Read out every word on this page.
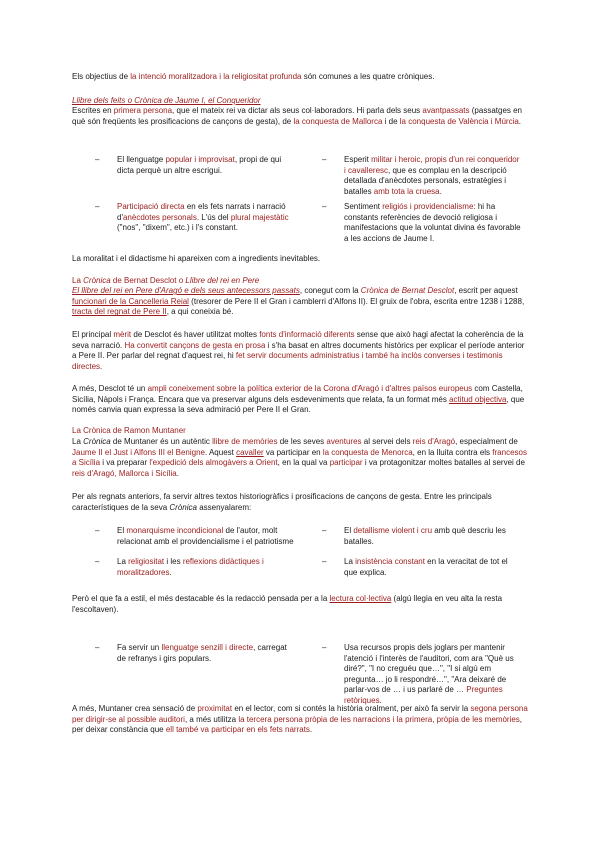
Els objectius de la intenció moralitzadora i la religiositat profunda són comunes a les quatre cròniques.

Llibre dels feits o Crònica de Jaume I, el Conqueridor

Escrites en primera persona, que el mateix rei va dictar als seus col·laboradors. Hi parla dels seus avantpassats (passatges en què són freqüents les prosificacions de cançons de gesta), de la conquesta de Mallorca i de la conquesta de València i Múrcia.

– El llenguatge popular i improvisat, propi de qui dicta perquè un altre escrigui.
– Esperit militar i heroic, propis d'un rei conqueridor i cavalleresc, que es complau en la descripció detallada d'anècdotes personals, estratègies i batalles amb tota la cruesa.
– Participació directa en els fets narrats i narració d'anècdotes personals. L'ús del plural majestàtic ("nos", "dixem", etc.) i l's constant.
– Sentiment religiós i providencialisme: hi ha constants referències de devoció religiosa i manifestacions que la voluntat divina és favorable a les accions de Jaume I.

La moralitat i el didactisme hi apareixen com a ingredients inevitables.

La Crònica de Bernat Desclot o Llibre del rei en Pere

El llibre del rei en Pere d'Aragó e dels seus antecessors passats, conegut com la Crònica de Bernat Desclot, escrit per aquest funcionari de la Cancelleria Reial (tresorer de Pere II el Gran i camblerri d'Alfons II). El gruix de l'obra, escrita entre 1238 i 1288, tracta del regnat de Pere II, a qui coneixia bé.

El principal mèrit de Desclot és haver utilitzat moltes fonts d'informació diferents sense que això hagi afectat la coherència de la seva narració. Ha convertit cançons de gesta en prosa i s'ha basat en altres documents històrics per explicar el període anterior a Pere II. Per parlar del regnat d'aquest rei, hi fet servir documents administratius i també ha inclòs converses i testimonis directes.

A més, Desclot té un ampli coneixement sobre la política exterior de la Corona d'Aragó i d'altres països europeus com Castella, Sicília, Nàpols i França. Encara que va preservar alguns dels esdeveniments que relata, fa un format més actitud objectiva, que només canvia quan expressa la seva admiració per Pere II el Gran.

La Crònica de Ramon Muntaner

La Crònica de Muntaner és un autèntic llibre de memòries de les seves aventures al servei dels reis d'Aragó, especialment de Jaume II el Just i Alfons III el Benigne. Aquest cavaller va participar en la conquesta de Menorca, en la lluita contra els francesos a Sicília i va preparar l'expedició dels almogàvers a Orient, en la qual va participar i va protagonitzar moltes batalles al servei de reis d'Aragó, Mallorca i Sicília.

Per als regnats anteriors, fa servir altres textos historiogràfics i prosificacions de cançons de gesta. Entre les principals característiques de la seva Crònica assenyalarem:

– El monarquisme incondicional de l'autor, molt relacionat amb el providencialisme i el patriotisme
– El detallisme violent i cru amb què descriu les batalles.
– La religiositat i les reflexions didàctiques i moralitzadores.
– La insistència constant en la veracitat de tot el que explica.

Però el que fa a estil, el més destacable és la redacció pensada per a la lectura col·lectiva (algú llegia en veu alta la resta l'escoltaven).

– Fa servir un llenguatge senzill i directe, carregat de refranys i girs populars.
– Usa recursos propis dels joglars per mantenir l'atenció i l'interès de l'auditori, com ara "Què us diré?", "I no creguéu que…", "I si algú em pregunta… jo li respondré…", "Ara deixaré de parlar-vos de … i us parlaré de … Preguntes retòriques.

A més, Muntaner crea sensació de proximitat en el lector, com si contés la història oralment, per això fa servir la segona persona per dirigir-se al possible auditori, a més utilitza la tercera persona pròpia de les narracions i la primera, pròpia de les memòries, per deixar constància que ell també va participar en els fets narrats.
